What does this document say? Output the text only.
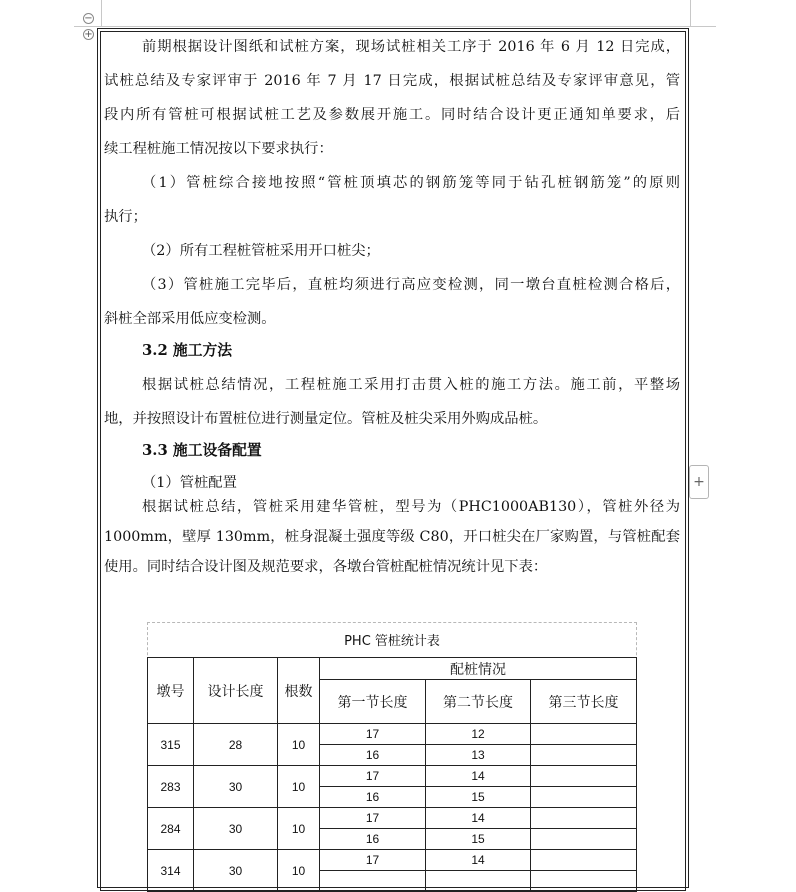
−
+
+
前期根据设计图纸和试桩方案，现场试桩相关工序于 2016 年 6 月 12 日完成，
试桩总结及专家评审于 2016 年 7 月 17 日完成，根据试桩总结及专家评审意见，管
段内所有管桩可根据试桩工艺及参数展开施工。同时结合设计更正通知单要求，后
续工程桩施工情况按以下要求执行：
（1）管桩综合接地按照“管桩顶填芯的钢筋笼等同于钻孔桩钢筋笼”的原则
执行；
（2）所有工程桩管桩采用开口桩尖；
（3）管桩施工完毕后，直桩均须进行高应变检测，同一墩台直桩检测合格后，
斜桩全部采用低应变检测。
3.2 施工方法
根据试桩总结情况，工程桩施工采用打击贯入桩的施工方法。施工前，平整场
地，并按照设计布置桩位进行测量定位。管桩及桩尖采用外购成品桩。
3.3 施工设备配置
（1）管桩配置
根据试桩总结，管桩采用建华管桩，型号为（PHC1000AB130），管桩外径为
1000mm，壁厚 130mm，桩身混凝土强度等级 C80，开口桩尖在厂家购置，与管桩配套
使用。同时结合设计图及规范要求，各墩台管桩配桩情况统计见下表：
PHC 管桩统计表
墩号	设计长度	根数	配桩情况		
			第一节长度	第二节长度	第三节长度
315	28	10	17	12	
			16	13	
283	30	10	17	14	
			16	15	
284	30	10	17	14	
			16	15	
314	30	10	17	14	
